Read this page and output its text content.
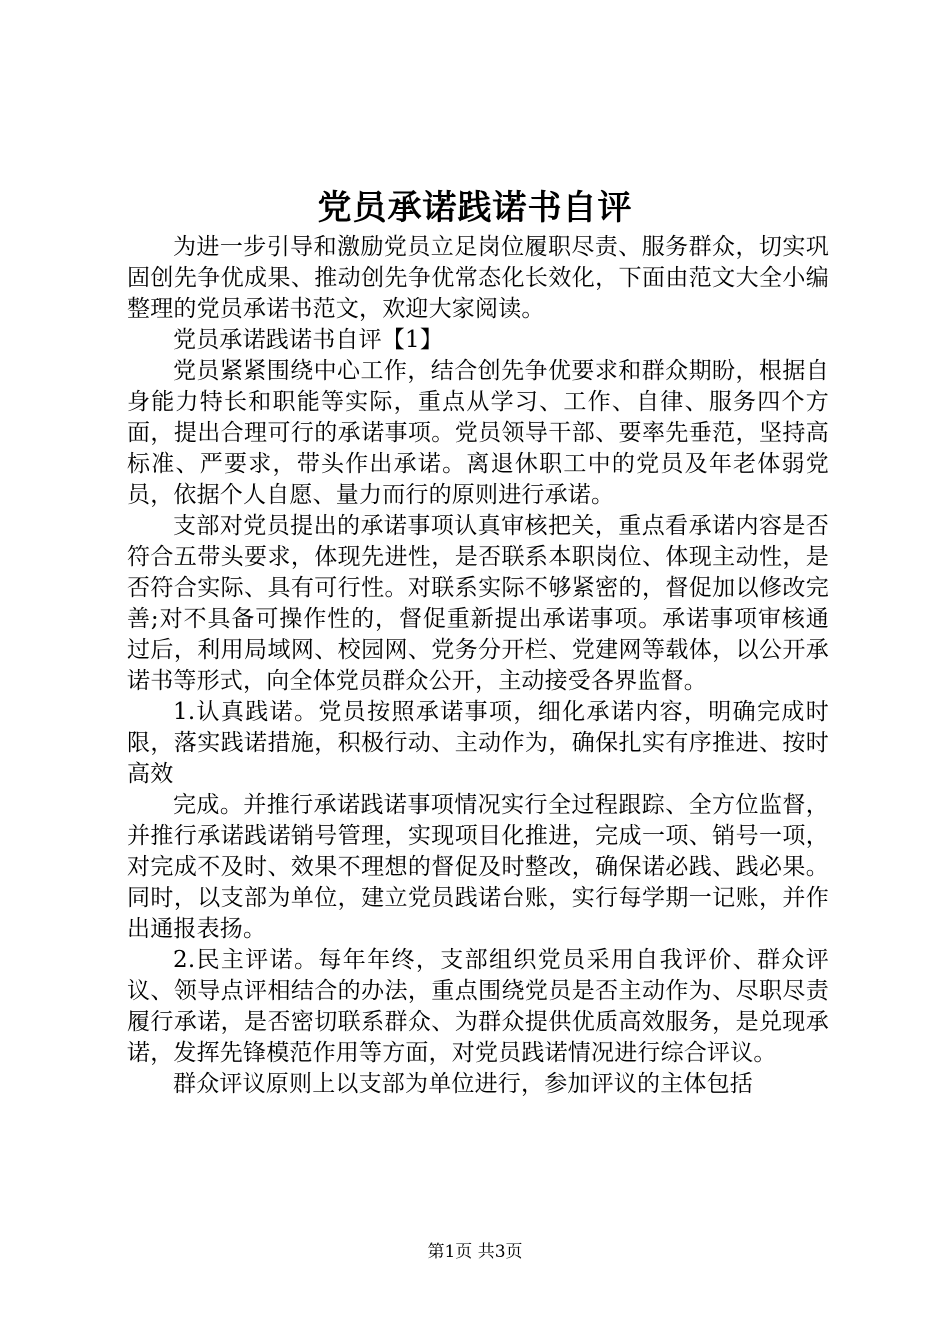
党员承诺践诺书自评

为进一步引导和激励党员立足岗位履职尽责、服务群众，切实巩固创先争优成果、推动创先争优常态化长效化，下面由范文大全小编整理的党员承诺书范文，欢迎大家阅读。

党员承诺践诺书自评【1】

党员紧紧围绕中心工作，结合创先争优要求和群众期盼，根据自身能力特长和职能等实际，重点从学习、工作、自律、服务四个方面，提出合理可行的承诺事项。党员领导干部、要率先垂范，坚持高标准、严要求，带头作出承诺。离退休职工中的党员及年老体弱党员，依据个人自愿、量力而行的原则进行承诺。

支部对党员提出的承诺事项认真审核把关，重点看承诺内容是否符合五带头要求，体现先进性，是否联系本职岗位、体现主动性，是否符合实际、具有可行性。对联系实际不够紧密的，督促加以修改完善;对不具备可操作性的，督促重新提出承诺事项。承诺事项审核通过后，利用局域网、校园网、党务分开栏、党建网等载体，以公开承诺书等形式，向全体党员群众公开，主动接受各界监督。

1.认真践诺。党员按照承诺事项，细化承诺内容，明确完成时限，落实践诺措施，积极行动、主动作为，确保扎实有序推进、按时高效

完成。并推行承诺践诺事项情况实行全过程跟踪、全方位监督，并推行承诺践诺销号管理，实现项目化推进，完成一项、销号一项，对完成不及时、效果不理想的督促及时整改，确保诺必践、践必果。同时，以支部为单位，建立党员践诺台账，实行每学期一记账，并作出通报表扬。

2.民主评诺。每年年终，支部组织党员采用自我评价、群众评议、领导点评相结合的办法，重点围绕党员是否主动作为、尽职尽责履行承诺，是否密切联系群众、为群众提供优质高效服务，是兑现承诺，发挥先锋模范作用等方面，对党员践诺情况进行综合评议。

群众评议原则上以支部为单位进行，参加评议的主体包括

第1页 共3页
